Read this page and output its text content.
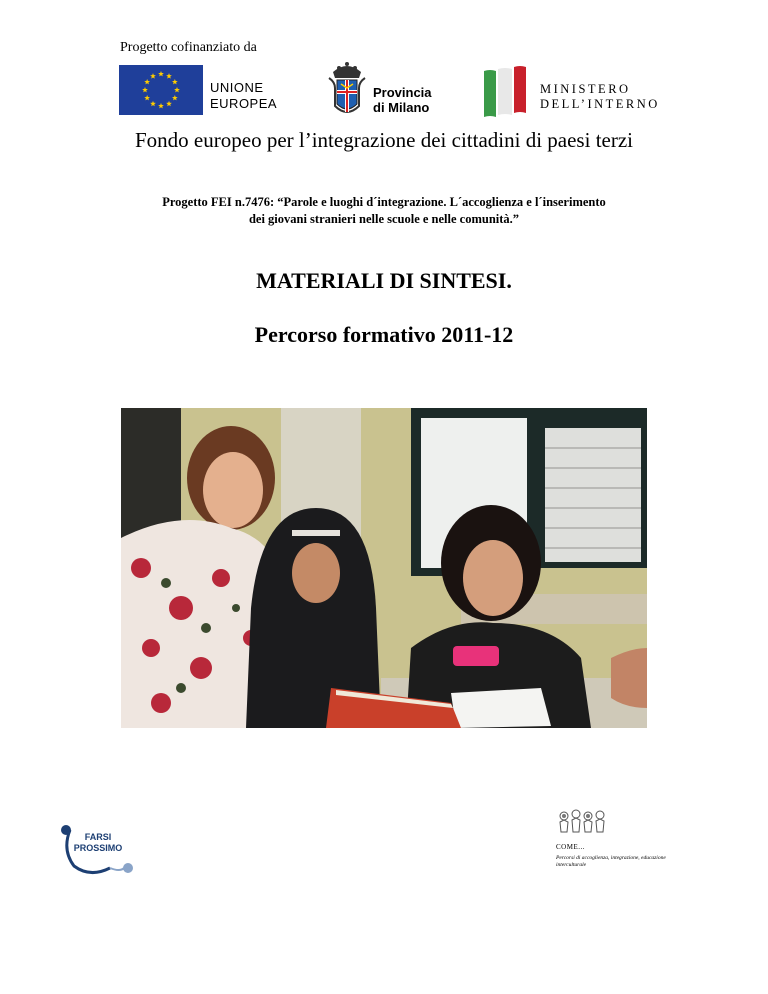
Progetto cofinanziato da
UNIONE
EUROPEA
Provincia
di Milano
MINISTERO
DELL’INTERNO
Fondo europeo per l’integrazione dei cittadini di paesi terzi
Progetto FEI n.7476: “Parole e luoghi d´integrazione. L´accoglienza e l´inserimento
dei giovani stranieri nelle scuole e nelle comunità.”
MATERIALI DI SINTESI.
Percorso formativo 2011-12
FARSI
PROSSIMO	COME...
Percorsi di accoglienza, integrazione, educazione interculturale
